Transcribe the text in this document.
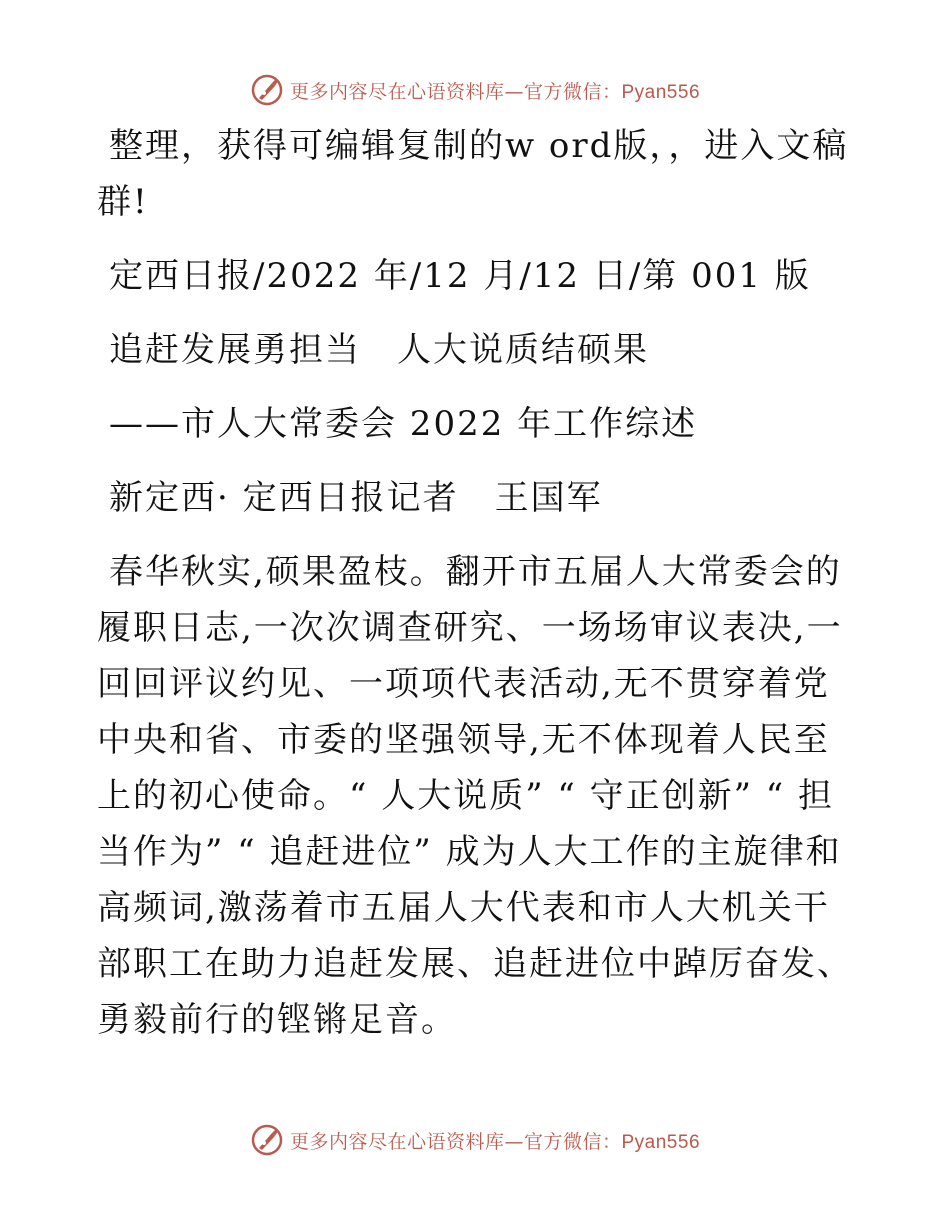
更多内容尽在心语资料库—官方微信：Pyan556

整理，获得可编辑复制的w ord版，，进入文稿群!

定西日报/2022 年/12 月/12 日/第 001 版
追赶发展勇担当　人大说质结硕果
——市人大常委会 2022 年工作综述
新定西· 定西日报记者　王国军

春华秋实,硕果盈枝。翻开市五届人大常委会的履职日志,一次次调查研究、一场场审议表决,一回回评议约见、一项项代表活动,无不贯穿着党中央和省、市委的坚强领导,无不体现着人民至上的初心使命。“ 人大说质” “ 守正创新” “ 担当作为” “ 追赶进位” 成为人大工作的主旋律和高频词,激荡着市五届人大代表和市人大机关干部职工在助力追赶发展、追赶进位中踔厉奋发、勇毅前行的铿锵足音。

更多内容尽在心语资料库—官方微信：Pyan556
